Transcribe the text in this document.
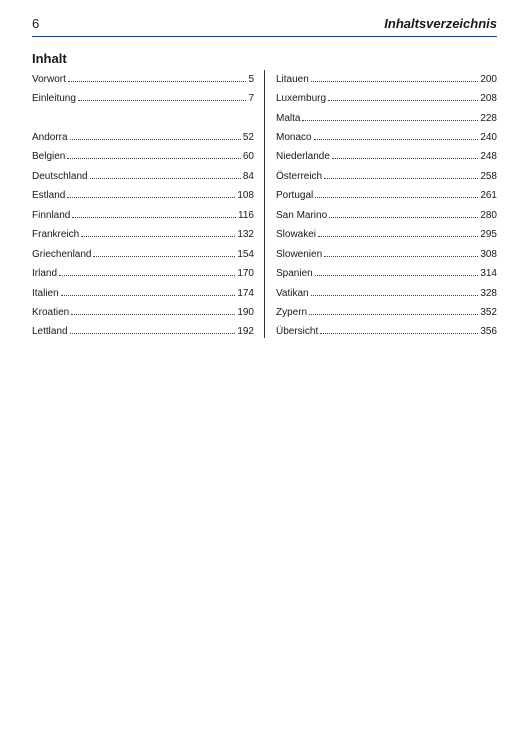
6	Inhaltsverzeichnis
Inhalt
Vorwort	5
Einleitung	7
Andorra	52
Belgien	60
Deutschland	84
Estland	108
Finnland	116
Frankreich	132
Griechenland	154
Irland	170
Italien	174
Kroatien	190
Lettland	192
Litauen	200
Luxemburg	208
Malta	228
Monaco	240
Niederlande	248
Österreich	258
Portugal	261
San Marino	280
Slowakei	295
Slowenien	308
Spanien	314
Vatikan	328
Zypern	352
Übersicht	356
